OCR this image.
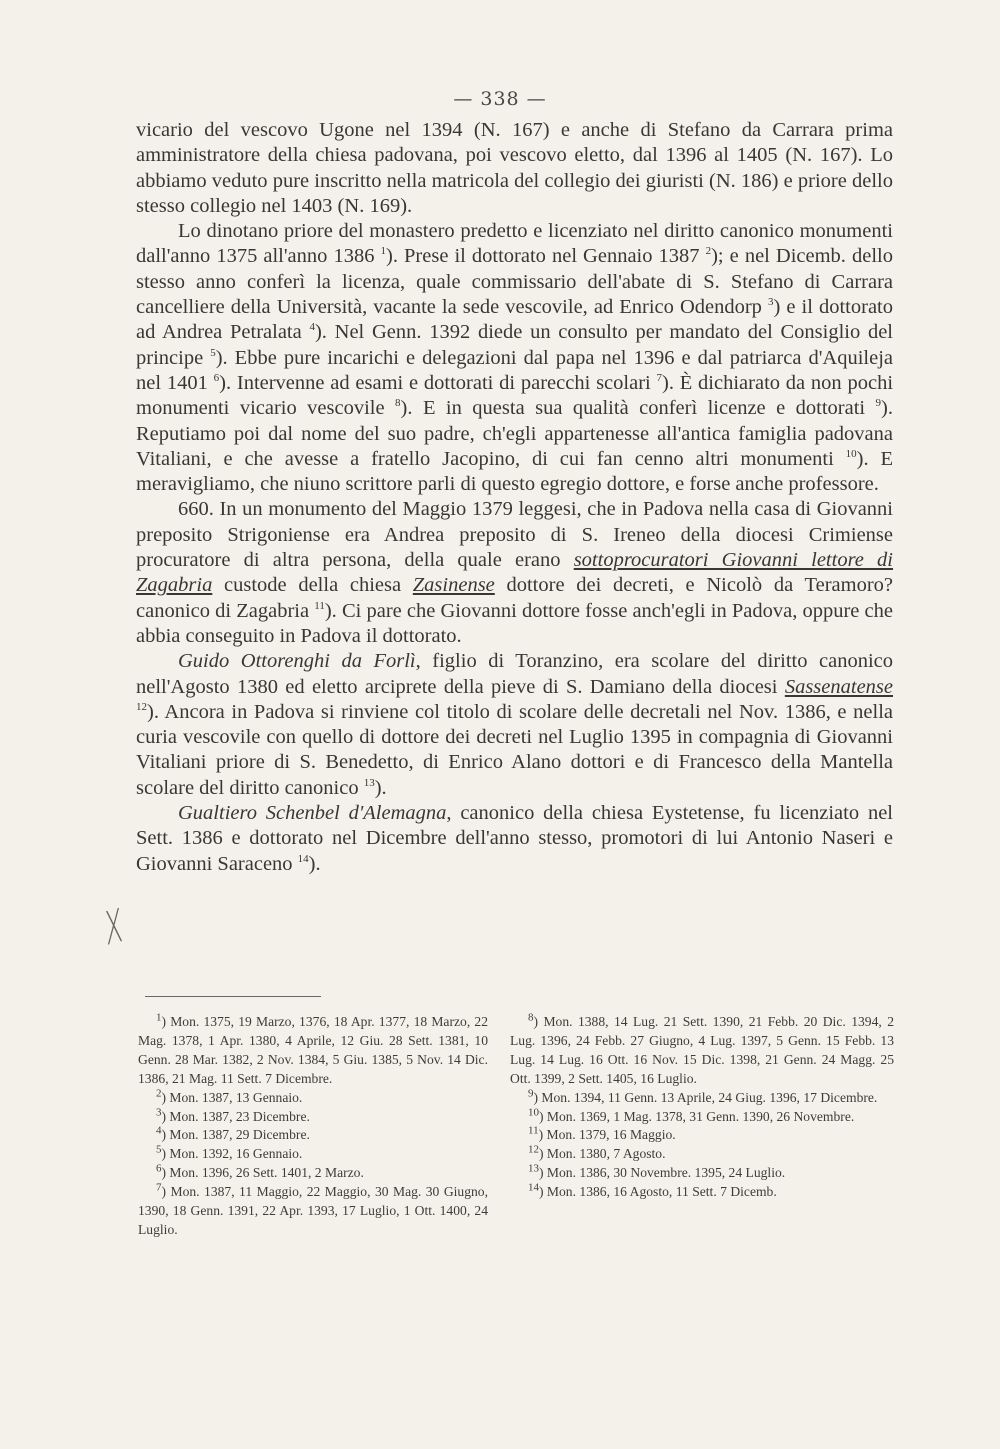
— 338 —

vicario del vescovo Ugone nel 1394 (N. 167) e anche di Stefano da Carrara prima amministratore della chiesa padovana, poi vescovo eletto, dal 1396 al 1405 (N. 167). Lo abbiamo veduto pure inscritto nella matricola del collegio dei giuristi (N. 186) e priore dello stesso collegio nel 1403 (N. 169).

Lo dinotano priore del monastero predetto e licenziato nel diritto canonico monumenti dall'anno 1375 all'anno 1386 $^1$). Prese il dottorato nel Gennaio 1387 $^2$); e nel Dicemb. dello stesso anno conferì la licenza, quale commissario dell'abate di S. Stefano di Carrara cancelliere della Università, vacante la sede vescovile, ad Enrico Odendorp $^3$) e il dottorato ad Andrea Petralata $^4$). Nel Genn. 1392 diede un consulto per mandato del Consiglio del principe $^5$). Ebbe pure incarichi e delegazioni dal papa nel 1396 e dal patriarca d'Aquileja nel 1401 $^6$). Intervenne ad esami e dottorati di parecchi scolari $^7$). È dichiarato da non pochi monumenti vicario vescovile $^8$). E in questa sua qualità conferì licenze e dottorati $^9$). Reputiamo poi dal nome del suo padre, ch'egli appartenesse all'antica famiglia padovana Vitaliani, e che avesse a fratello Jacopino, di cui fan cenno altri monumenti $^{10}$). E meravigliamo, che niuno scrittore parli di questo egregio dottore, e forse anche professore.

660. In un monumento del Maggio 1379 leggesi, che in Padova nella casa di Giovanni preposito Strigoniense era Andrea preposito di S. Ireneo della diocesi Crimiense procuratore di altra persona, della quale erano sottoprocuratori Giovanni lettore di Zagabria custode della chiesa Zasinense dottore dei decreti, e Nicolò da Teramoro? canonico di Zagabria $^{11}$). Ci pare che Giovanni dottore fosse anch'egli in Padova, oppure che abbia conseguito in Padova il dottorato.

Guido Ottorenghi da Forlì, figlio di Toranzino, era scolare del diritto canonico nell'Agosto 1380 ed eletto arciprete della pieve di S. Damiano della diocesi Sassenatense $^{12}$). Ancora in Padova si rinviene col titolo di scolare delle decretali nel Nov. 1386, e nella curia vescovile con quello di dottore dei decreti nel Luglio 1395 in compagnia di Giovanni Vitaliani priore di S. Benedetto, di Enrico Alano dottori e di Francesco della Mantella scolare del diritto canonico $^{13}$).

Gualtiero Schenbel d'Alemagna, canonico della chiesa Eystetense, fu licenziato nel Sett. 1386 e dottorato nel Dicembre dell'anno stesso, promotori di lui Antonio Naseri e Giovanni Saraceno $^{14}$).

X

$^1$) Mon. 1375, 19 Marzo, 1376, 18 Apr. 1377, 18 Marzo, 22 Mag. 1378, 1 Apr. 1380, 4 Aprile, 12 Giu. 28 Sett. 1381, 10 Genn. 28 Mar. 1382, 2 Nov. 1384, 5 Giu. 1385, 5 Nov. 14 Dic. 1386, 21 Mag. 11 Sett. 7 Dicembre.

$^2$) Mon. 1387, 13 Gennaio.

$^3$) Mon. 1387, 23 Dicembre.

$^4$) Mon. 1387, 29 Dicembre.

$^5$) Mon. 1392, 16 Gennaio.

$^6$) Mon. 1396, 26 Sett. 1401, 2 Marzo.

$^7$) Mon. 1387, 11 Maggio, 22 Maggio, 30 Mag. 30 Giugno, 1390, 18 Genn. 1391, 22 Apr. 1393, 17 Luglio, 1 Ott. 1400, 24 Luglio.

$^8$) Mon. 1388, 14 Lug. 21 Sett. 1390, 21 Febb. 20 Dic. 1394, 2 Lug. 1396, 24 Febb. 27 Giugno, 4 Lug. 1397, 5 Genn. 15 Febb. 13 Lug. 14 Lug. 16 Ott. 16 Nov. 15 Dic. 1398, 21 Genn. 24 Magg. 25 Ott. 1399, 2 Sett. 1405, 16 Luglio.

$^9$) Mon. 1394, 11 Genn. 13 Aprile, 24 Giug. 1396, 17 Dicembre.

$^{10}$) Mon. 1369, 1 Mag. 1378, 31 Genn. 1390, 26 Novembre.

$^{11}$) Mon. 1379, 16 Maggio.

$^{12}$) Mon. 1380, 7 Agosto.

$^{13}$) Mon. 1386, 30 Novembre. 1395, 24 Luglio.

$^{14}$) Mon. 1386, 16 Agosto, 11 Sett. 7 Dicemb.
